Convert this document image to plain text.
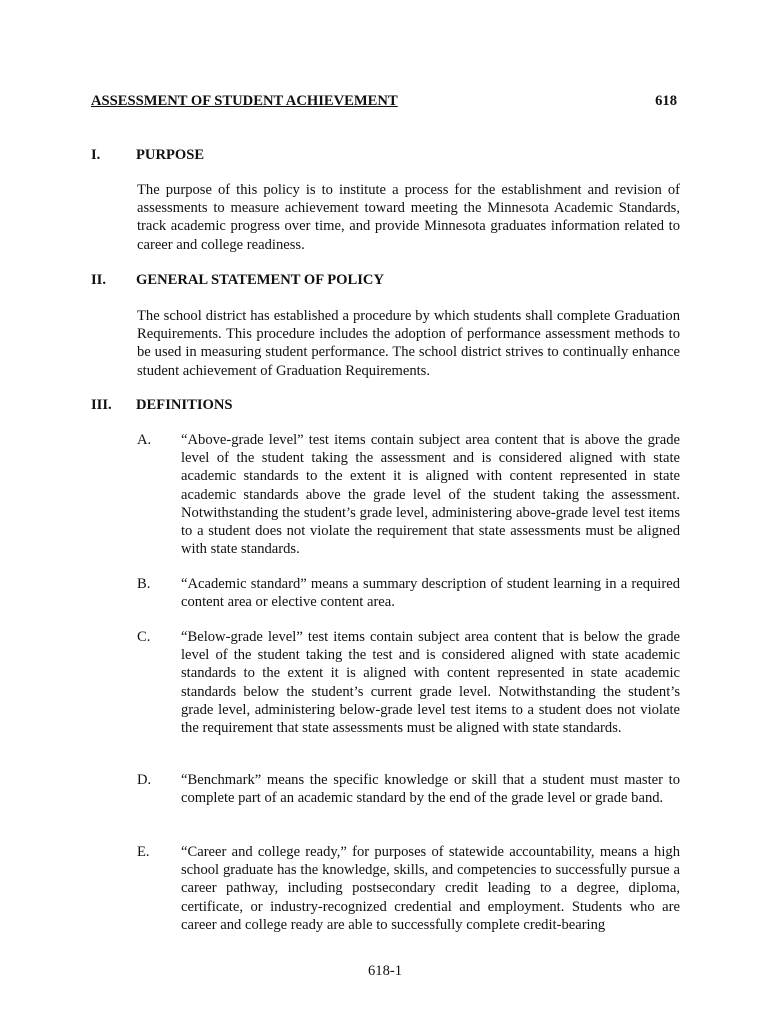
ASSESSMENT OF STUDENT ACHIEVEMENT	618
I.	PURPOSE

The purpose of this policy is to institute a process for the establishment and revision of assessments to measure achievement toward meeting the Minnesota Academic Standards, track academic progress over time, and provide Minnesota graduates information related to career and college readiness.

II.	GENERAL STATEMENT OF POLICY

The school district has established a procedure by which students shall complete Graduation Requirements. This procedure includes the adoption of performance assessment methods to be used in measuring student performance. The school district strives to continually enhance student achievement of Graduation Requirements.

III.	DEFINITIONS
A.	“Above-grade level” test items contain subject area content that is above the grade level of the student taking the assessment and is considered aligned with state academic standards to the extent it is aligned with content represented in state academic standards above the grade level of the student taking the assessment. Notwithstanding the student’s grade level, administering above-grade level test items to a student does not violate the requirement that state assessments must be aligned with state standards.
B.	“Academic standard” means a summary description of student learning in a required content area or elective content area.
C.	“Below-grade level” test items contain subject area content that is below the grade level of the student taking the test and is considered aligned with state academic standards to the extent it is aligned with content represented in state academic standards below the student’s current grade level. Notwithstanding the student’s grade level, administering below-grade level test items to a student does not violate the requirement that state assessments must be aligned with state standards.
D.	“Benchmark” means the specific knowledge or skill that a student must master to complete part of an academic standard by the end of the grade level or grade band.
E.	“Career and college ready,” for purposes of statewide accountability, means a high school graduate has the knowledge, skills, and competencies to successfully pursue a career pathway, including postsecondary credit leading to a degree, diploma, certificate, or industry-recognized credential and employment. Students who are career and college ready are able to successfully complete credit-bearing
618-1
